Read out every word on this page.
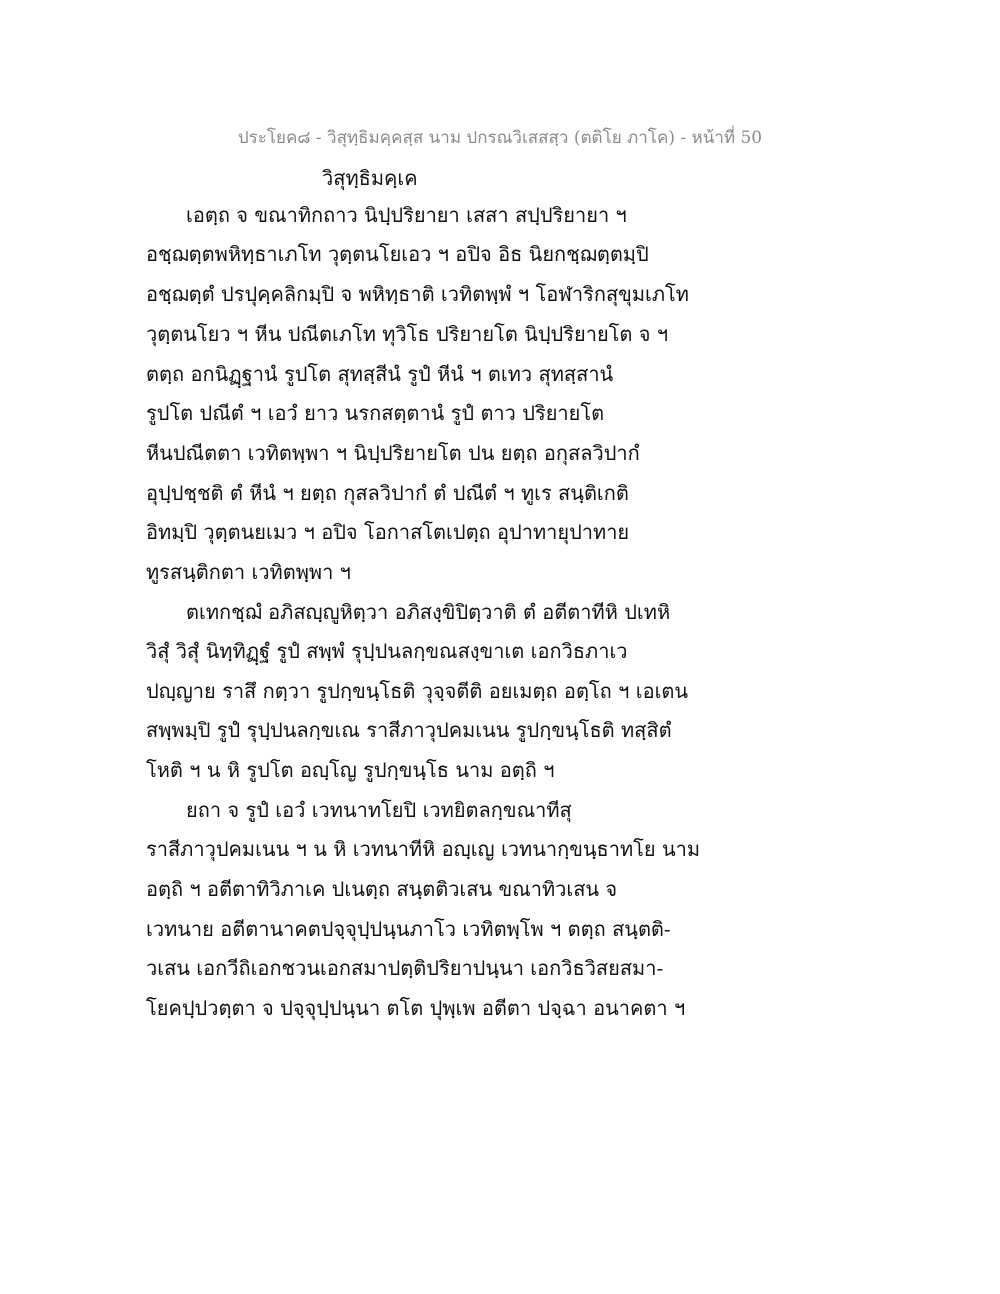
ประโยค๘ - วิสุทฺธิมคฺคสฺส นาม ปกรณวิเสสสฺว (ตติโย ภาโค) - หน้าที่ 50
วิสุทฺธิมคฺเค
เอตฺถ จ ขณาทิกถาว นิปฺปริยายา เสสา สปฺปริยายา ฯ
อชฺฌตฺตพหิทฺธาเภโท วุตฺตนโยเอว ฯ อปิจ อิธ นิยกชฺฌตฺตมฺปิ
อชฺฌตฺตํ ปรปุคฺคลิกมฺปิ จ พหิทฺธาติ เวทิตพฺพํ ฯ โอฬาริกสุขุมเภโท
วุตฺตนโยว ฯ หีน ปณีตเภโท ทุวิโธ ปริยายโต นิปฺปริยายโต จ ฯ
ตตฺถ อกนิฏฺฐานํ รูปโต สุทสฺสีนํ รูปํ หีนํ ฯ ตเทว สุทสฺสานํ
รูปโต ปณีตํ ฯ เอวํ ยาว นรกสตฺตานํ รูปํ ตาว ปริยายโต
หีนปณีตตา เวทิตพฺพา ฯ นิปฺปริยายโต ปน ยตฺถ อกุสลวิปากํ
อุปฺปชฺชติ ตํ หีนํ ฯ ยตฺถ กุสลวิปากํ ตํ ปณีตํ ฯ ทูเร สนฺติเกติ
อิทมฺปิ วุตฺตนยเมว ฯ อปิจ โอกาสโตเปตฺถ อุปาทายุปาทาย
ทูรสนฺติกตา เวทิตพฺพา ฯ
ตเทกชฺฌํ อภิสญฺญูหิตฺวา อภิสงฺขิปิตฺวาติ ตํ อตีตาทีหิ ปเทหิ
วิสุํ วิสุํ นิทฺทิฏฺฐํ รูปํ สพฺพํ รุปฺปนลกฺขณสงฺขาเต เอกวิธภาเว
ปญฺญาย ราสึ กตฺวา รูปกฺขนฺโธติ วุจฺจตีติ อยเมตฺถ อตฺโถ ฯ เอเตน
สพฺพมฺปิ รูปํ รุปฺปนลกฺขเณ ราสีภาวุปคมเนน รูปกฺขนฺโธติ ทสฺสิตํ
โหติ ฯ น หิ รูปโต อญฺโญ รูปกฺขนฺโธ นาม อตฺถิ ฯ
ยถา จ รูปํ เอวํ เวทนาทโยปิ เวทยิตลกฺขณาทีสุ
ราสีภาวุปคมเนน ฯ น หิ เวทนาทีหิ อญฺเญ เวทนากฺขนฺธาทโย นาม
อตฺถิ ฯ อตีตาทิวิภาเค ปเนตฺถ สนฺตติวเสน ขณาทิวเสน จ
เวทนาย อตีตานาคตปจฺจุปฺปนฺนภาโว เวทิตพฺโพ ฯ ตตฺถ สนฺตติ-
วเสน เอกวีถิเอกชวนเอกสมาปตฺติปริยาปนฺนา เอกวิธวิสยสมา-
โยคปฺปวตฺตา จ ปจฺจุปฺปนฺนา ตโต ปุพฺเพ อตีตา ปจฺฉา อนาคตา ฯ
